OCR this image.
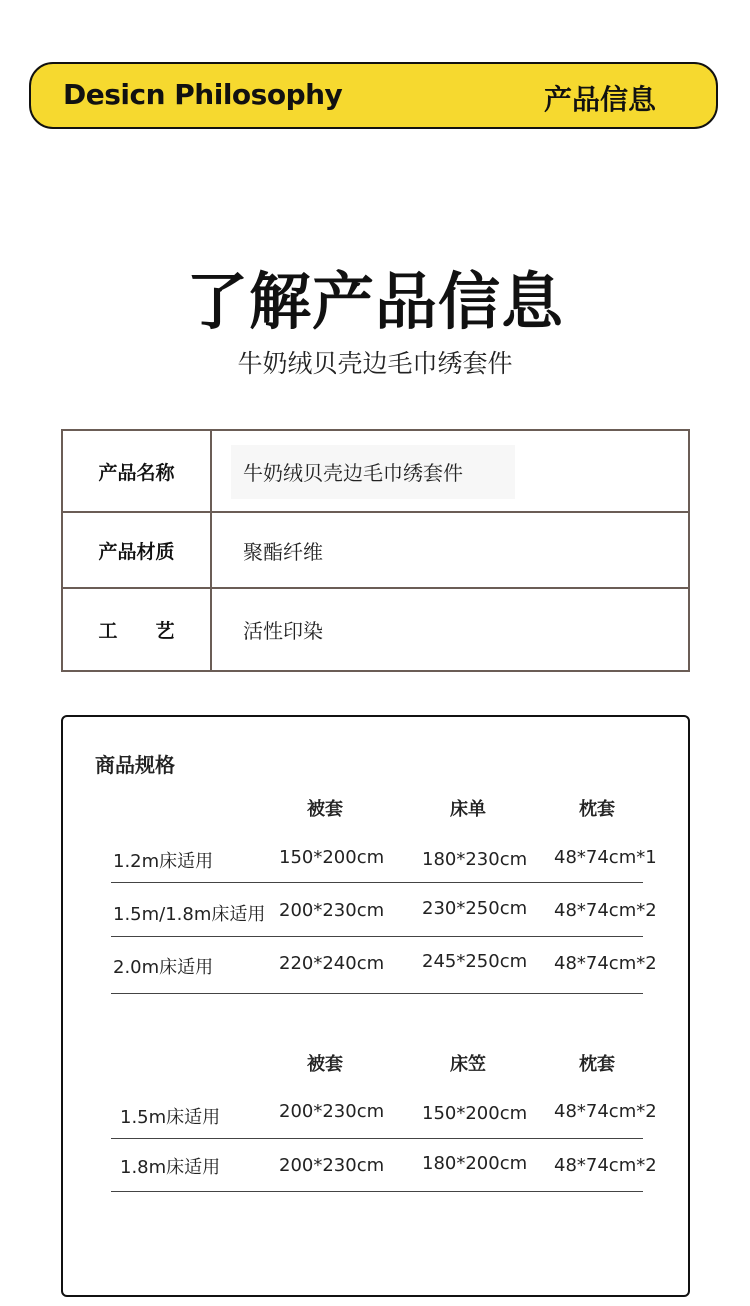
Desicn Philosophy	产品信息
了解产品信息
牛奶绒贝壳边毛巾绣套件
产品名称	牛奶绒贝壳边毛巾绣套件
产品材质	聚酯纤维
工　　艺	活性印染
商品规格
被套	床单	枕套
1.2m床适用	150*200cm 180*230cm 48*74cm*1
1.5m/1.8m床适用 200*230cm 230*250cm 48*74cm*2
2.0m床适用	220*240cm 245*250cm 48*74cm*2
被套	床笠	枕套
1.5m床适用	200*230cm 150*200cm 48*74cm*2
1.8m床适用	200*230cm 180*200cm 48*74cm*2
